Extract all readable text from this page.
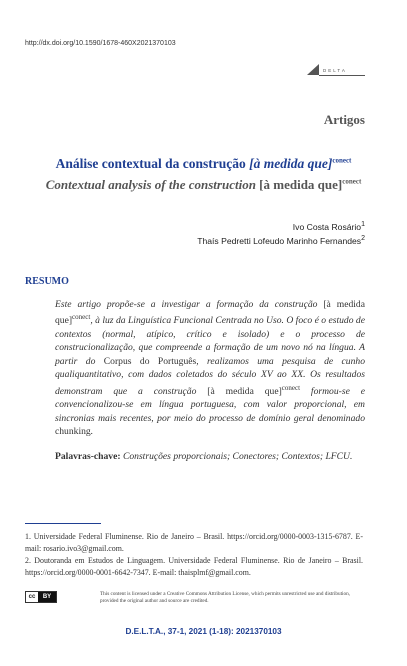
http://dx.doi.org/10.1590/1678-460X2021370103
DELTA
Artigos
Análise contextual da construção [à medida que]$^{conect}$
Contextual analysis of the construction [à medida que]$^{conect}$
Ivo Costa Rosário$^1$
Thaís Pedretti Lofeudo Marinho Fernandes$^2$
RESUMO
Este artigo propõe-se a investigar a formação da construção [à medida que]$^{conect}$, à luz da Linguística Funcional Centrada no Uso. O foco é o estudo de contextos (normal, atípico, crítico e isolado) e o processo de construcionalização, que compreende a formação de um novo nó na língua. A partir do Corpus do Português, realizamos uma pesquisa de cunho qualiquantitativo, com dados coletados do século XV ao XX. Os resultados demonstram que a construção [à medida que]$^{conect}$ formou-se e convencionalizou-se em língua portuguesa, com valor proporcional, em sincronias mais recentes, por meio do processo de domínio geral denominado chunking.
Palavras-chave: Construções proporcionais; Conectores; Contextos; LFCU.
1. Universidade Federal Fluminense. Rio de Janeiro – Brasil. https://orcid.org/0000-0003-1315-6787. E-mail: rosario.ivo3@gmail.com.
2. Doutoranda em Estudos de Linguagem. Universidade Federal Fluminense. Rio de Janeiro – Brasil. https://orcid.org/0000-0001-6642-7347. E-mail: thaisplmf@gmail.com.
cc	BY	This content is licensed under a Creative Commons Attribution License, which permits unrestricted use and distribution, provided the original author and source are credited.
D.E.L.T.A., 37-1, 2021 (1-18): 2021370103
